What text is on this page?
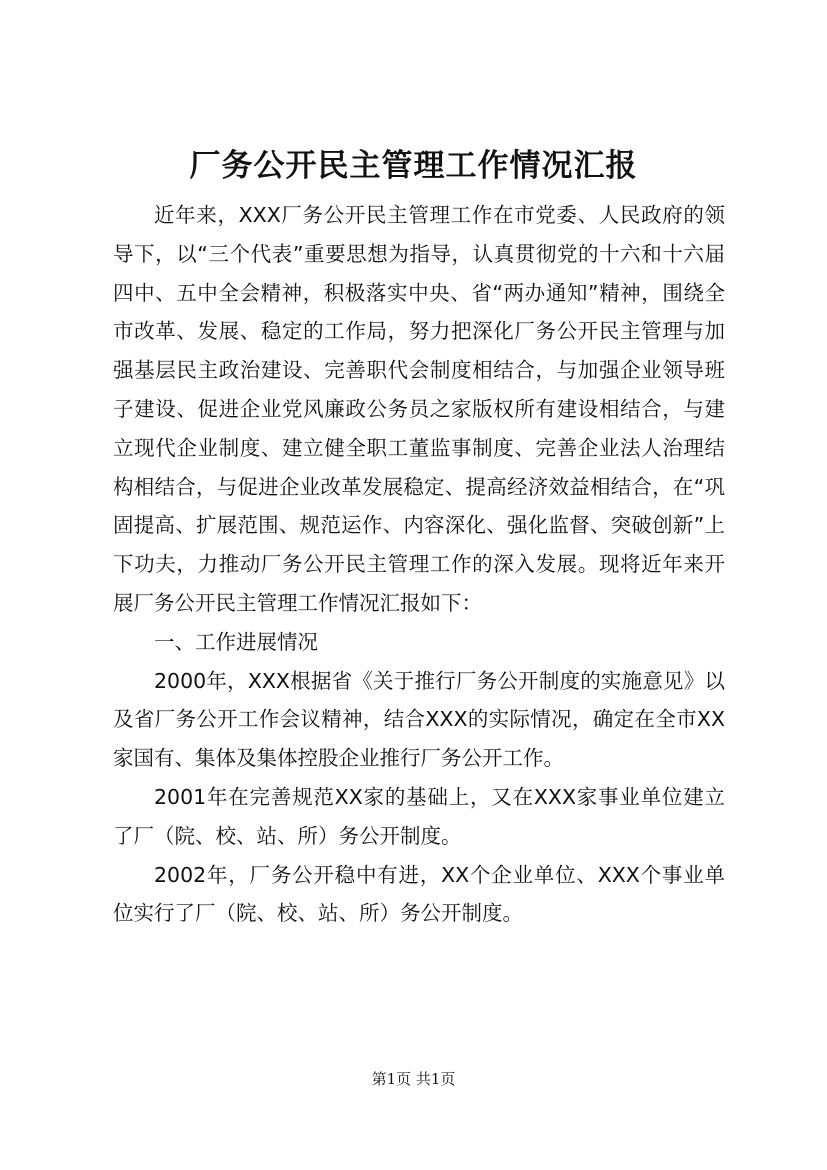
厂务公开民主管理工作情况汇报

近年来，XXX厂务公开民主管理工作在市党委、人民政府的领导下，以“三个代表”重要思想为指导，认真贯彻党的十六和十六届四中、五中全会精神，积极落实中央、省“两办通知”精神，围绕全市改革、发展、稳定的工作局，努力把深化厂务公开民主管理与加强基层民主政治建设、完善职代会制度相结合，与加强企业领导班子建设、促进企业党风廉政公务员之家版权所有建设相结合，与建立现代企业制度、建立健全职工董监事制度、完善企业法人治理结构相结合，与促进企业改革发展稳定、提高经济效益相结合，在“巩固提高、扩展范围、规范运作、内容深化、强化监督、突破创新”上下功夫，力推动厂务公开民主管理工作的深入发展。现将近年来开展厂务公开民主管理工作情况汇报如下：

一、工作进展情况

2000年，XXX根据省《关于推行厂务公开制度的实施意见》以及省厂务公开工作会议精神，结合XXX的实际情况，确定在全市XX家国有、集体及集体控股企业推行厂务公开工作。

2001年在完善规范XX家的基础上，又在XXX家事业单位建立了厂（院、校、站、所）务公开制度。

2002年，厂务公开稳中有进，XX个企业单位、XXX个事业单位实行了厂（院、校、站、所）务公开制度。

第1页 共1页
